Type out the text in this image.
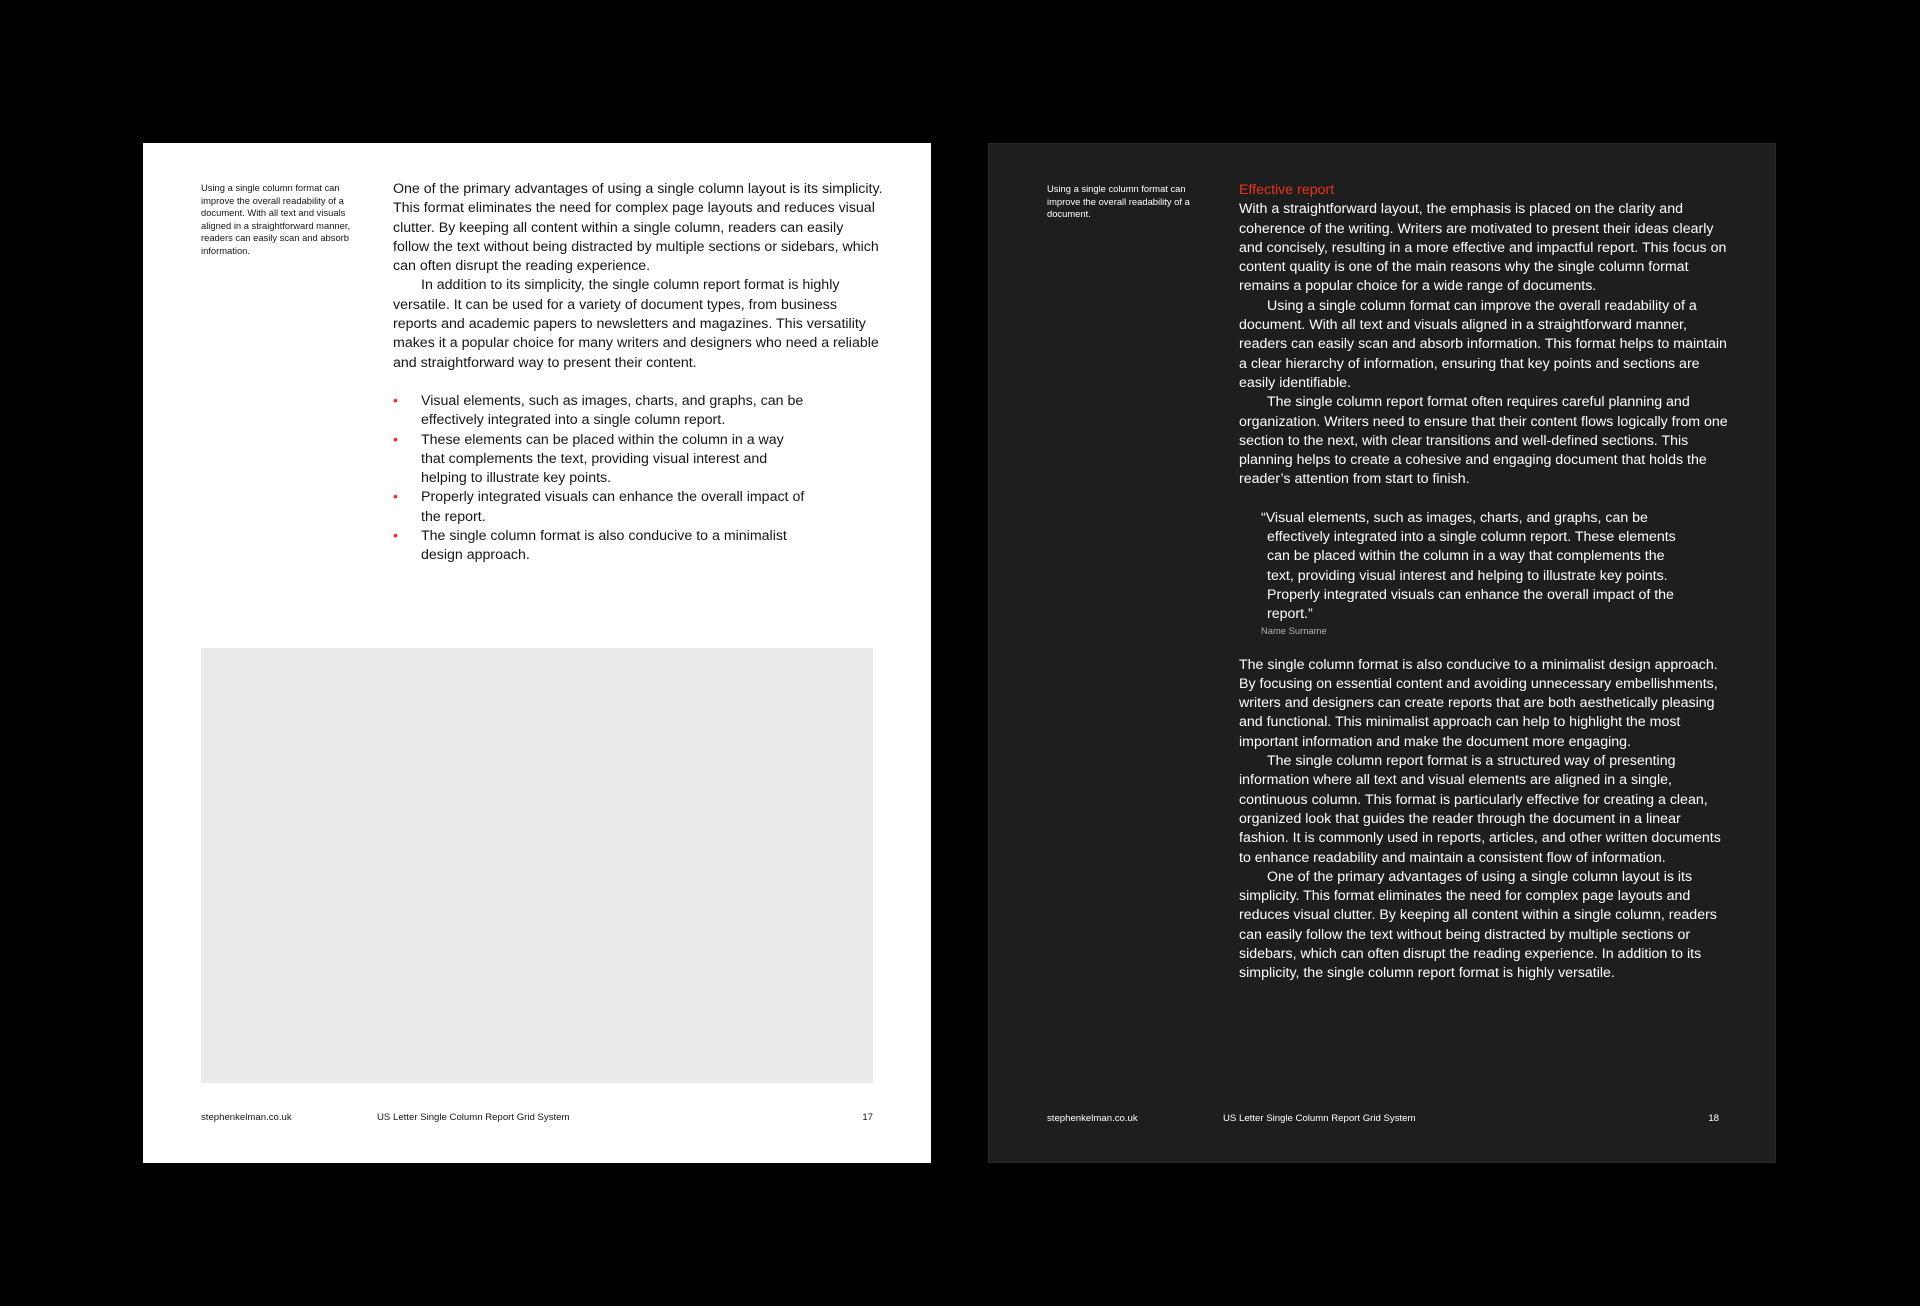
Using a single column format can improve the overall readability of a document. With all text and visuals aligned in a straightforward manner, readers can easily scan and absorb information.

One of the primary advantages of using a single column layout is its simplicity. This format eliminates the need for complex page layouts and reduces visual clutter. By keeping all content within a single column, readers can easily follow the text without being distracted by multiple sections or sidebars, which can often disrupt the reading experience.

In addition to its simplicity, the single column report format is highly versatile. It can be used for a variety of document types, from business reports and academic papers to newsletters and magazines. This versatility makes it a popular choice for many writers and designers who need a reliable and straightforward way to present their content.

• Visual elements, such as images, charts, and graphs, can be effectively integrated into a single column report.
• These elements can be placed within the column in a way that complements the text, providing visual interest and helping to illustrate key points.
• Properly integrated visuals can enhance the overall impact of the report.
• The single column format is also conducive to a minimalist design approach.
stephenkelman.co.uk	US Letter Single Column Report Grid System	17
Using a single column format can improve the overall readability of a document.

Effective report

With a straightforward layout, the emphasis is placed on the clarity and coherence of the writing. Writers are motivated to present their ideas clearly and concisely, resulting in a more effective and impactful report. This focus on content quality is one of the main reasons why the single column format remains a popular choice for a wide range of documents.

Using a single column format can improve the overall readability of a document. With all text and visuals aligned in a straightforward manner, readers can easily scan and absorb information. This format helps to maintain a clear hierarchy of information, ensuring that key points and sections are easily identifiable.

The single column report format often requires careful planning and organization. Writers need to ensure that their content flows logically from one section to the next, with clear transitions and well-defined sections. This planning helps to create a cohesive and engaging document that holds the reader’s attention from start to finish.

“Visual elements, such as images, charts, and graphs, can be effectively integrated into a single column report. These elements can be placed within the column in a way that complements the text, providing visual interest and helping to illustrate key points. Properly integrated visuals can enhance the overall impact of the report.”

Name Surname

The single column format is also conducive to a minimalist design approach. By focusing on essential content and avoiding unnecessary embellishments, writers and designers can create reports that are both aesthetically pleasing and functional. This minimalist approach can help to highlight the most important information and make the document more engaging.

The single column report format is a structured way of presenting information where all text and visual elements are aligned in a single, continuous column. This format is particularly effective for creating a clean, organized look that guides the reader through the document in a linear fashion. It is commonly used in reports, articles, and other written documents to enhance readability and maintain a consistent flow of information.

One of the primary advantages of using a single column layout is its simplicity. This format eliminates the need for complex page layouts and reduces visual clutter. By keeping all content within a single column, readers can easily follow the text without being distracted by multiple sections or sidebars, which can often disrupt the reading experience. In addition to its simplicity, the single column report format is highly versatile.

stephenkelman.co.uk	US Letter Single Column Report Grid System	18
